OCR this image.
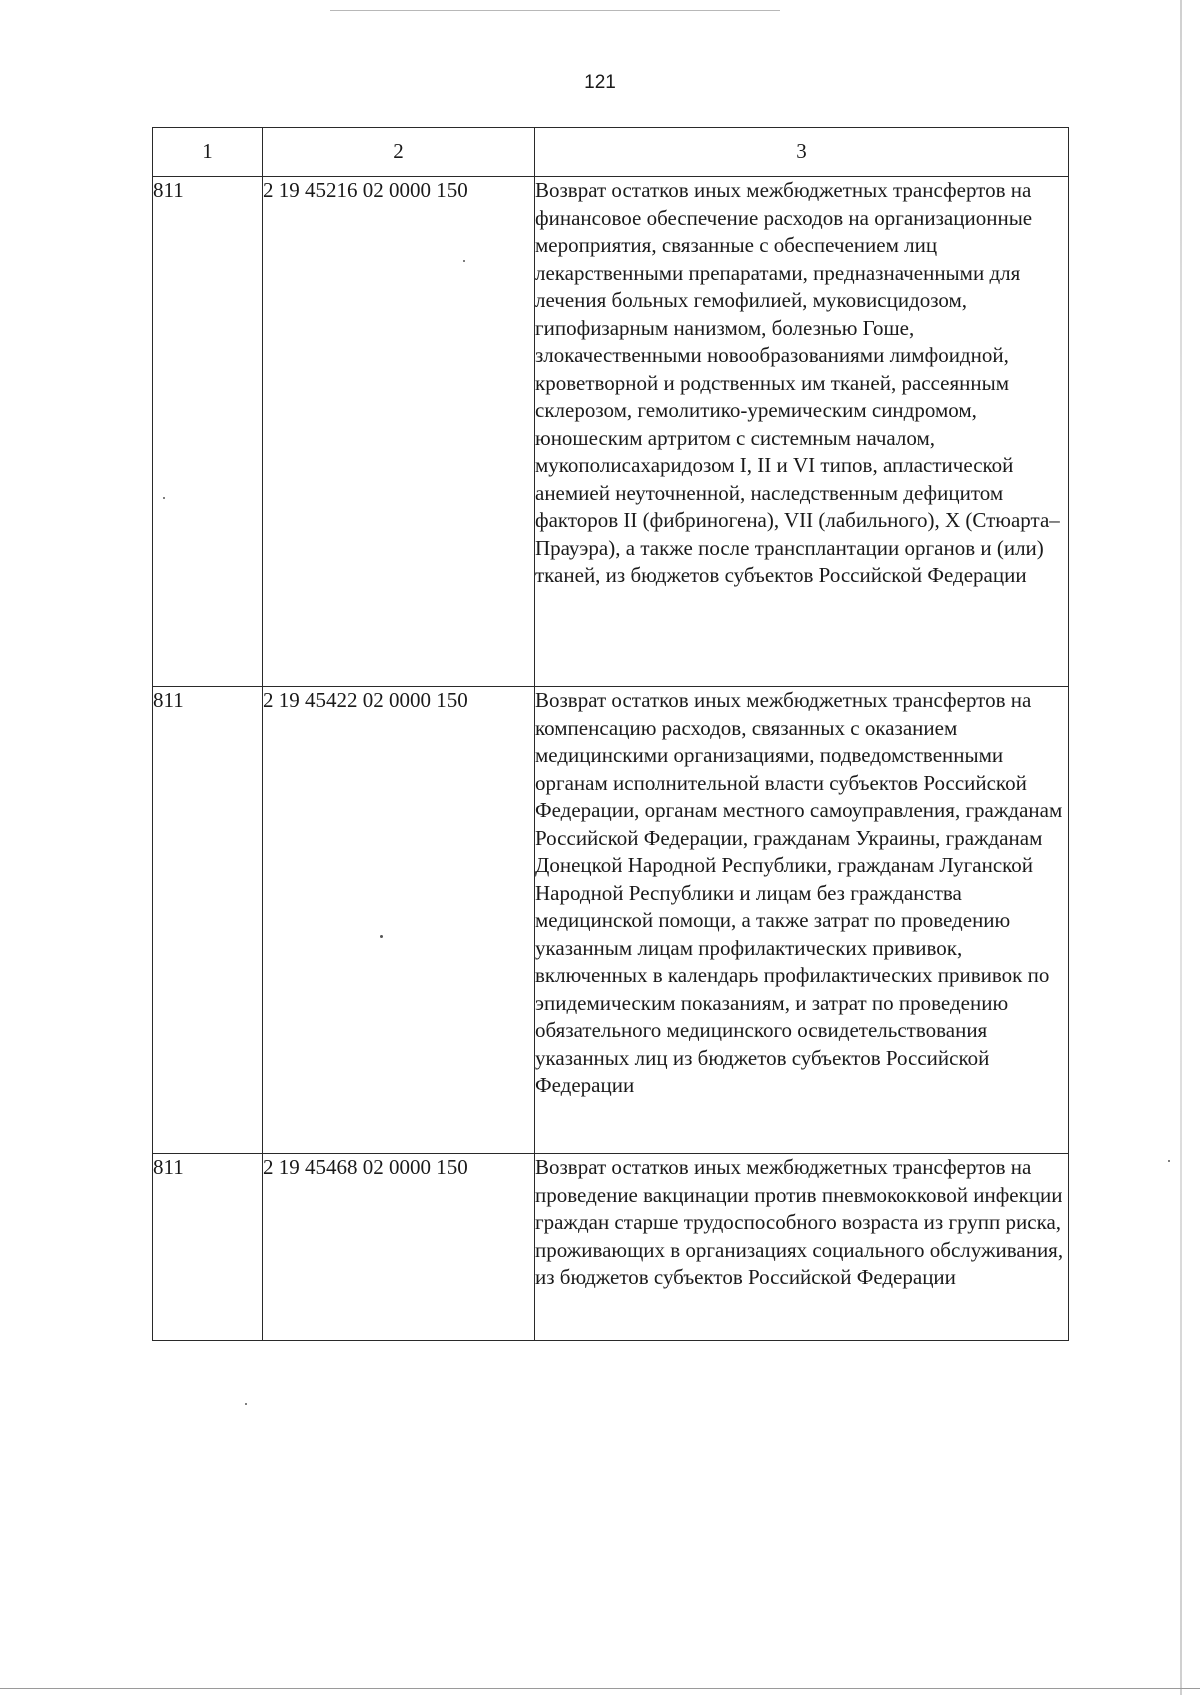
121
1	2	3
811	2 19 45216 02 0000 150	Возврат остатков иных межбюджетных трансфертов на финансовое обеспечение расходов на организационные мероприятия, связанные с обеспечением лиц лекарственными препаратами, предназначенными для лечения больных гемофилией, муковисцидозом, гипофизарным нанизмом, болезнью Гоше, злокачественными новообразованиями лимфоидной, кроветворной и родственных им тканей, рассеянным склерозом, гемолитико-уремическим синдромом, юношеским артритом с системным началом, мукополисахаридозом I, II и VI типов, апластической анемией неуточненной, наследственным дефицитом факторов II (фибриногена), VII (лабильного), X (Стюарта–Прауэра), а также после трансплантации органов и (или) тканей, из бюджетов субъектов Российской Федерации
811	2 19 45422 02 0000 150	Возврат остатков иных межбюджетных трансфертов на компенсацию расходов, связанных с оказанием медицинскими организациями, подведомственными органам исполнительной власти субъектов Российской Федерации, органам местного самоуправления, гражданам Российской Федерации, гражданам Украины, гражданам Донецкой Народной Республики, гражданам Луганской Народной Республики и лицам без гражданства медицинской помощи, а также затрат по проведению указанным лицам профилактических прививок, включенных в календарь профилактических прививок по эпидемическим показаниям, и затрат по проведению обязательного медицинского освидетельствования указанных лиц из бюджетов субъектов Российской Федерации
811	2 19 45468 02 0000 150	Возврат остатков иных межбюджетных трансфертов на проведение вакцинации против пневмококковой инфекции граждан старше трудоспособного возраста из групп риска, проживающих в организациях социального обслуживания, из бюджетов субъектов Российской Федерации
